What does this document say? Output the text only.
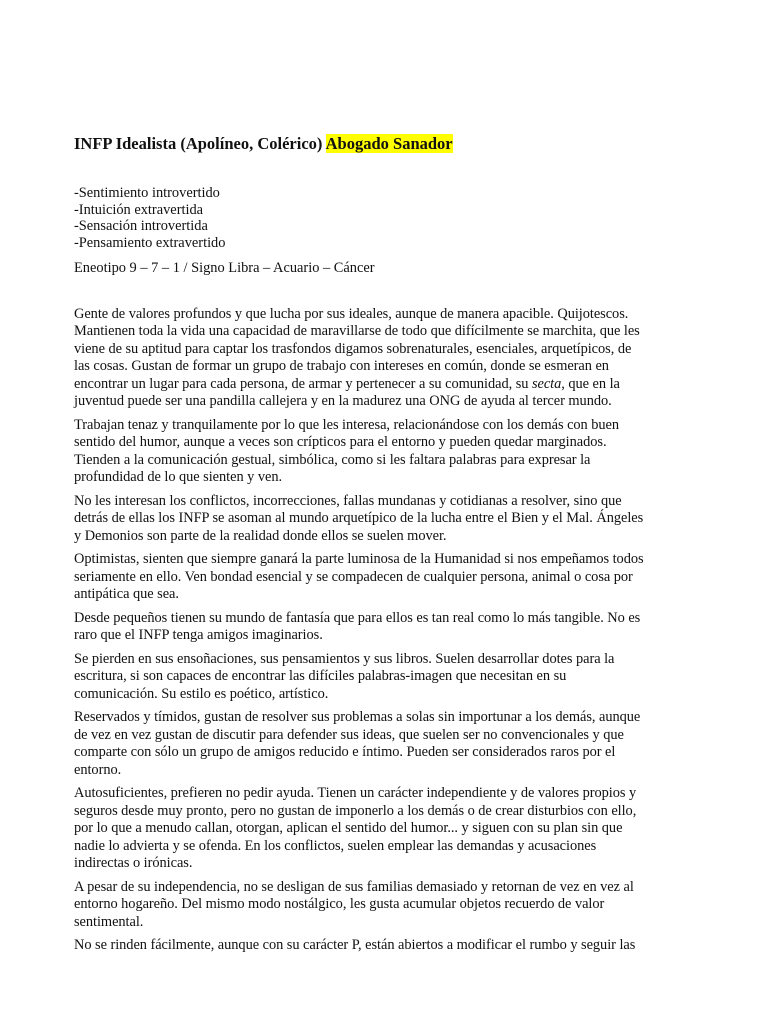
INFP Idealista (Apolíneo, Colérico) Abogado Sanador
-Sentimiento introvertido
-Intuición extravertida
-Sensación introvertida
-Pensamiento extravertido
Eneotipo 9 – 7 – 1 / Signo Libra – Acuario – Cáncer

Gente de valores profundos y que lucha por sus ideales, aunque de manera apacible. Quijotescos.
Mantienen toda la vida una capacidad de maravillarse de todo que difícilmente se marchita, que les
viene de su aptitud para captar los trasfondos digamos sobrenaturales, esenciales, arquetípicos, de
las cosas. Gustan de formar un grupo de trabajo con intereses en común, donde se esmeran en
encontrar un lugar para cada persona, de armar y pertenecer a su comunidad, su secta, que en la
juventud puede ser una pandilla callejera y en la madurez una ONG de ayuda al tercer mundo.

Trabajan tenaz y tranquilamente por lo que les interesa, relacionándose con los demás con buen
sentido del humor, aunque a veces son crípticos para el entorno y pueden quedar marginados.
Tienden a la comunicación gestual, simbólica, como si les faltara palabras para expresar la
profundidad de lo que sienten y ven.

No les interesan los conflictos, incorrecciones, fallas mundanas y cotidianas a resolver, sino que
detrás de ellas los INFP se asoman al mundo arquetípico de la lucha entre el Bien y el Mal. Ángeles
y Demonios son parte de la realidad donde ellos se suelen mover.

Optimistas, sienten que siempre ganará la parte luminosa de la Humanidad si nos empeñamos todos
seriamente en ello. Ven bondad esencial y se compadecen de cualquier persona, animal o cosa por
antipática que sea.

Desde pequeños tienen su mundo de fantasía que para ellos es tan real como lo más tangible. No es
raro que el INFP tenga amigos imaginarios.

Se pierden en sus ensoñaciones, sus pensamientos y sus libros. Suelen desarrollar dotes para la
escritura, si son capaces de encontrar las difíciles palabras-imagen que necesitan en su
comunicación. Su estilo es poético, artístico.

Reservados y tímidos, gustan de resolver sus problemas a solas sin importunar a los demás, aunque
de vez en vez gustan de discutir para defender sus ideas, que suelen ser no convencionales y que
comparte con sólo un grupo de amigos reducido e íntimo. Pueden ser considerados raros por el
entorno.

Autosuficientes, prefieren no pedir ayuda. Tienen un carácter independiente y de valores propios y
seguros desde muy pronto, pero no gustan de imponerlo a los demás o de crear disturbios con ello,
por lo que a menudo callan, otorgan, aplican el sentido del humor... y siguen con su plan sin que
nadie lo advierta y se ofenda. En los conflictos, suelen emplear las demandas y acusaciones
indirectas o irónicas.

A pesar de su independencia, no se desligan de sus familias demasiado y retornan de vez en vez al
entorno hogareño. Del mismo modo nostálgico, les gusta acumular objetos recuerdo de valor
sentimental.

No se rinden fácilmente, aunque con su carácter P, están abiertos a modificar el rumbo y seguir las
